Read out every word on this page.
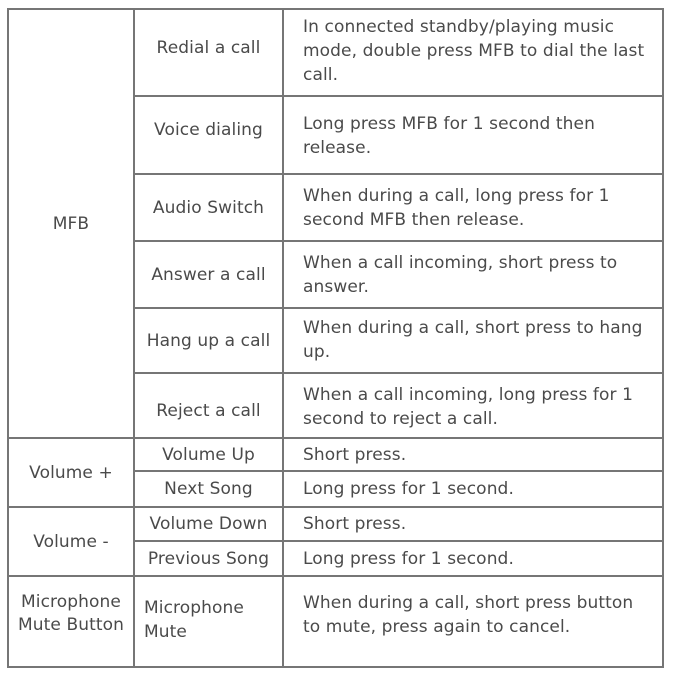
MFB	Redial a call	In connected standby/playing music mode, double press MFB to dial the last call.
	Voice dialing	Long press MFB for 1 second then release.
	Audio Switch	When during a call, long press for 1 second MFB then release.
	Answer a call	When a call incoming, short press to answer.
	Hang up a call	When during a call, short press to hang up.
	Reject a call	When a call incoming, long press for 1 second to reject a call.
Volume +	Volume Up	Short press.
	Next Song	Long press for 1 second.
Volume -	Volume Down	Short press.
	Previous Song	Long press for 1 second.
Microphone Mute Button	Microphone Mute	When during a call, short press button to mute, press again to cancel.
